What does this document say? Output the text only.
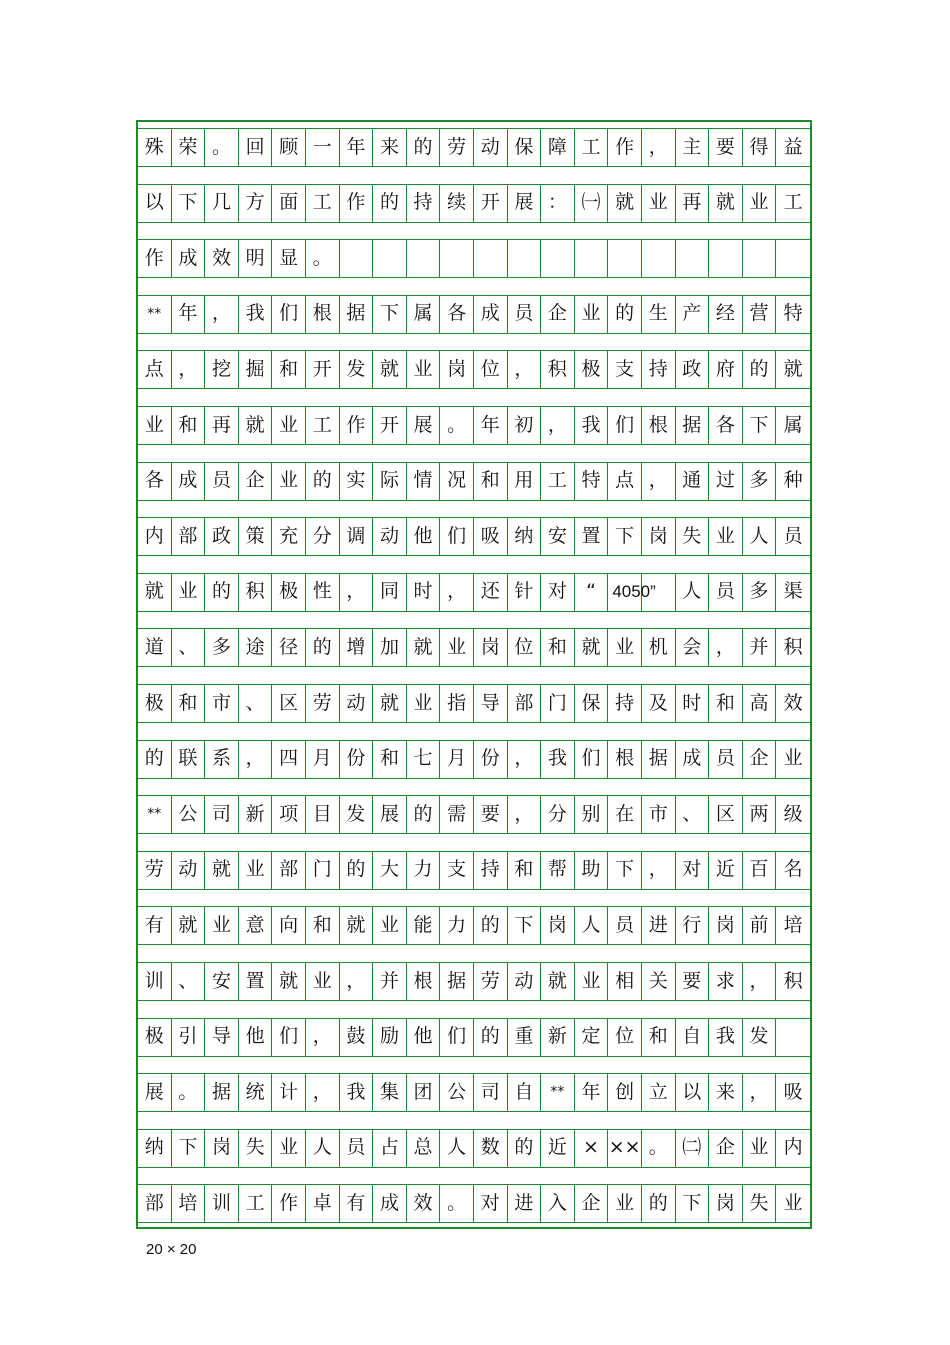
殊 荣 。 回 顾 一 年 来 的 劳 动 保 障 工 作 ， 主 要 得 益
以 下 几 方 面 工 作 的 持 续 开 展 ： ㈠ 就 业 再 就 业 工
作 成 效 明 显 。
** 年 ， 我 们 根 据 下 属 各 成 员 企 业 的 生 产 经 营 特
点 ， 挖 掘 和 开 发 就 业 岗 位 ， 积 极 支 持 政 府 的 就
业 和 再 就 业 工 作 开 展 。 年 初 ， 我 们 根 据 各 下 属
各 成 员 企 业 的 实 际 情 况 和 用 工 特 点 ， 通 过 多 种
内 部 政 策 充 分 调 动 他 们 吸 纳 安 置 下 岗 失 业 人 员
就 业 的 积 极 性 ， 同 时 ， 还 针 对	“ 4050”	人 员 多 渠
道 、 多 途 径 的 增 加 就 业 岗 位 和 就 业 机 会 ， 并 积
极 和 市 、 区 劳 动 就 业 指 导 部 门 保 持 及 时 和 高 效
的 联 系 ， 四 月 份 和 七 月 份 ， 我 们 根 据 成 员 企 业
** 公 司 新 项 目 发 展 的 需 要 ， 分 别 在 市 、 区 两 级
劳 动 就 业 部 门 的 大 力 支 持 和 帮 助 下 ， 对 近 百 名
有 就 业 意 向 和 就 业 能 力 的 下 岗 人 员 进 行 岗 前 培
训 、 安 置 就 业 ， 并 根 据 劳 动 就 业 相 关 要 求 ， 积
极 引 导 他 们 ， 鼓 励 他 们 的 重 新 定 位 和 自 我 发
展 。 据 统 计 ， 我 集 团 公 司 自	** 年 创 立 以 来 ， 吸
纳 下 岗 失 业 人 员 占 总 人 数 的 近 × ×× 。 ㈡ 企 业 内
部 培 训 工 作 卓 有 成 效 。 对 进 入 企 业 的 下 岗 失 业
20 × 20
